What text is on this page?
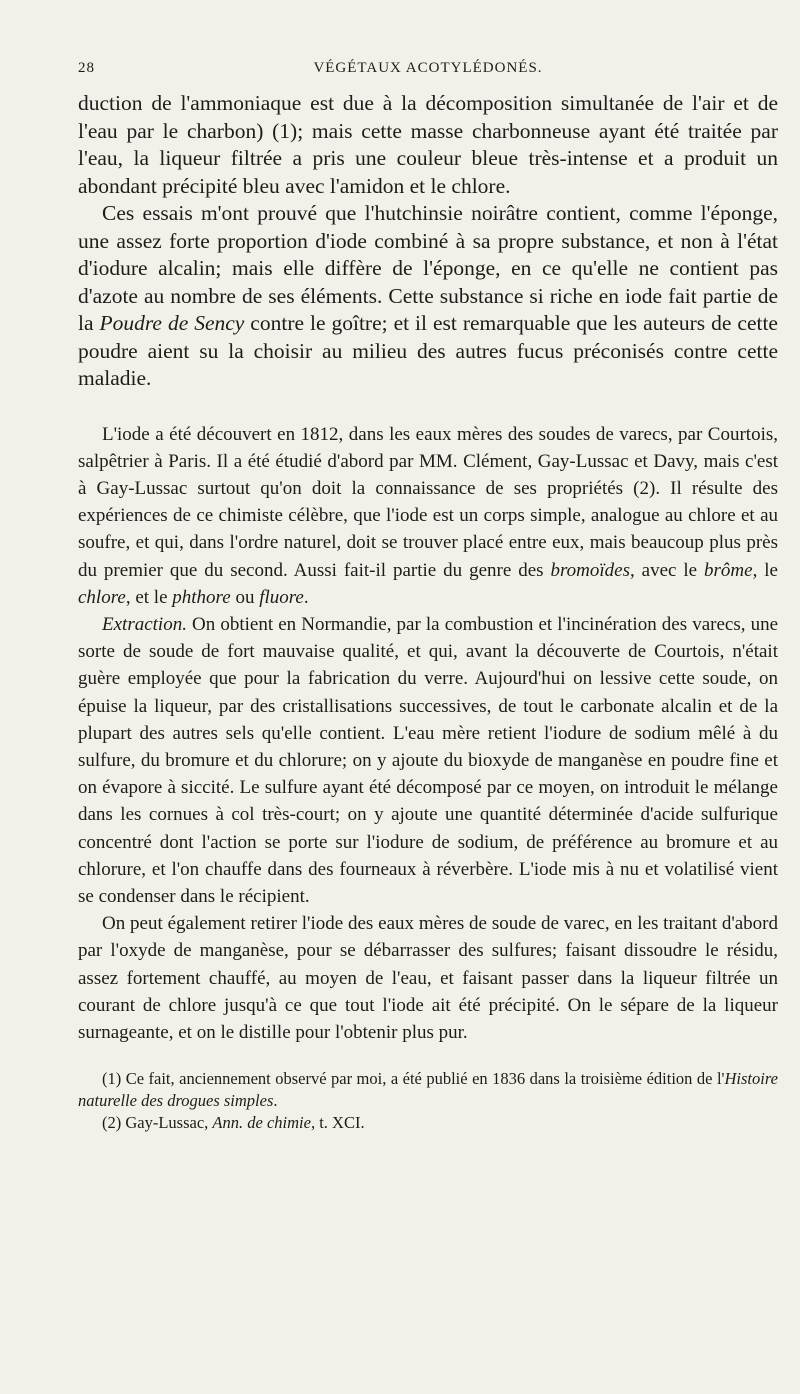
28	VÉGÉTAUX ACOTYLÉDONÉS.

duction de l'ammoniaque est due à la décomposition simultanée de l'air et de l'eau par le charbon) (1); mais cette masse charbonneuse ayant été traitée par l'eau, la liqueur filtrée a pris une couleur bleue très-intense et a produit un abondant précipité bleu avec l'amidon et le chlore.

Ces essais m'ont prouvé que l'hutchinsie noirâtre contient, comme l'éponge, une assez forte proportion d'iode combiné à sa propre substance, et non à l'état d'iodure alcalin; mais elle diffère de l'éponge, en ce qu'elle ne contient pas d'azote au nombre de ses éléments. Cette substance si riche en iode fait partie de la Poudre de Sency contre le goître; et il est remarquable que les auteurs de cette poudre aient su la choisir au milieu des autres fucus préconisés contre cette maladie.

L'iode a été découvert en 1812, dans les eaux mères des soudes de varecs, par Courtois, salpêtrier à Paris. Il a été étudié d'abord par MM. Clément, Gay-Lussac et Davy, mais c'est à Gay-Lussac surtout qu'on doit la connaissance de ses propriétés (2). Il résulte des expériences de ce chimiste célèbre, que l'iode est un corps simple, analogue au chlore et au soufre, et qui, dans l'ordre naturel, doit se trouver placé entre eux, mais beaucoup plus près du premier que du second. Aussi fait-il partie du genre des bromoïdes, avec le brôme, le chlore, et le phthore ou fluore.

Extraction. On obtient en Normandie, par la combustion et l'incinération des varecs, une sorte de soude de fort mauvaise qualité, et qui, avant la découverte de Courtois, n'était guère employée que pour la fabrication du verre. Aujourd'hui on lessive cette soude, on épuise la liqueur, par des cristallisations successives, de tout le carbonate alcalin et de la plupart des autres sels qu'elle contient. L'eau mère retient l'iodure de sodium mêlé à du sulfure, du bromure et du chlorure; on y ajoute du bioxyde de manganèse en poudre fine et on évapore à siccité. Le sulfure ayant été décomposé par ce moyen, on introduit le mélange dans les cornues à col très-court; on y ajoute une quantité déterminée d'acide sulfurique concentré dont l'action se porte sur l'iodure de sodium, de préférence au bromure et au chlorure, et l'on chauffe dans des fourneaux à réverbère. L'iode mis à nu et volatilisé vient se condenser dans le récipient.

On peut également retirer l'iode des eaux mères de soude de varec, en les traitant d'abord par l'oxyde de manganèse, pour se débarrasser des sulfures; faisant dissoudre le résidu, assez fortement chauffé, au moyen de l'eau, et faisant passer dans la liqueur filtrée un courant de chlore jusqu'à ce que tout l'iode ait été précipité. On le sépare de la liqueur surnageante, et on le distille pour l'obtenir plus pur.

(1) Ce fait, anciennement observé par moi, a été publié en 1836 dans la troisième édition de l'Histoire naturelle des drogues simples.

(2) Gay-Lussac, Ann. de chimie, t. XCI.
